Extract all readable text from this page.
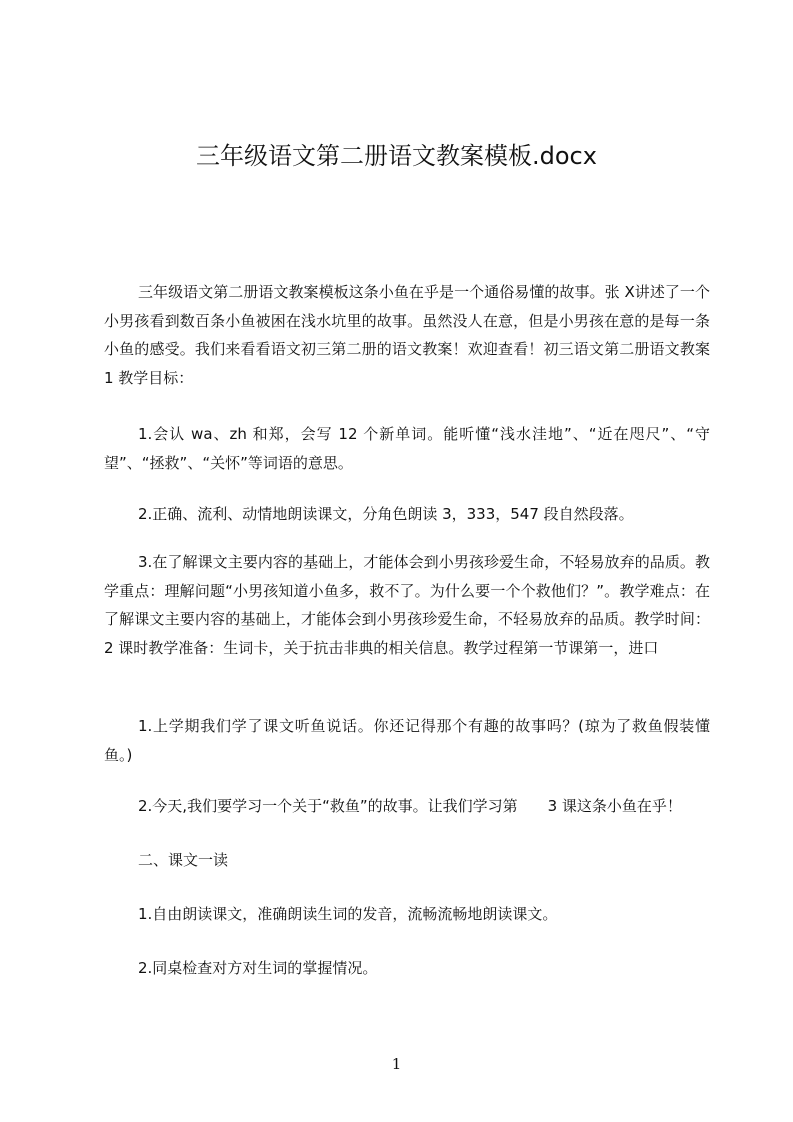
三年级语文第二册语文教案模板.docx

三年级语文第二册语文教案模板这条小鱼在乎是一个通俗易懂的故事。张 X讲述了一个小男孩看到数百条小鱼被困在浅水坑里的故事。虽然没人在意，但是小男孩在意的是每一条小鱼的感受。我们来看看语文初三第二册的语文教案！欢迎查看！初三语文第二册语文教案 1 教学目标：

1.会认 wa、zh 和郑，会写 12 个新单词。能听懂“浅水洼地”、“近在咫尺”、“守望”、“拯救”、“关怀”等词语的意思。

2.正确、流利、动情地朗读课文，分角色朗读 3，333，547 段自然段落。

3.在了解课文主要内容的基础上，才能体会到小男孩珍爱生命，不轻易放弃的品质。教学重点：理解问题“小男孩知道小鱼多，救不了。为什么要一个个救他们？”。教学难点：在了解课文主要内容的基础上，才能体会到小男孩珍爱生命，不轻易放弃的品质。教学时间：2 课时教学准备：生词卡，关于抗击非典的相关信息。教学过程第一节课第一，进口

1.上学期我们学了课文听鱼说话。你还记得那个有趣的故事吗？(琼为了救鱼假装懂鱼。)

2.今天,我们要学习一个关于“救鱼”的故事。让我们学习第　　3 课这条小鱼在乎！

二、课文一读

1.自由朗读课文，准确朗读生词的发音，流畅流畅地朗读课文。

2.同桌检查对方对生词的掌握情况。

1
